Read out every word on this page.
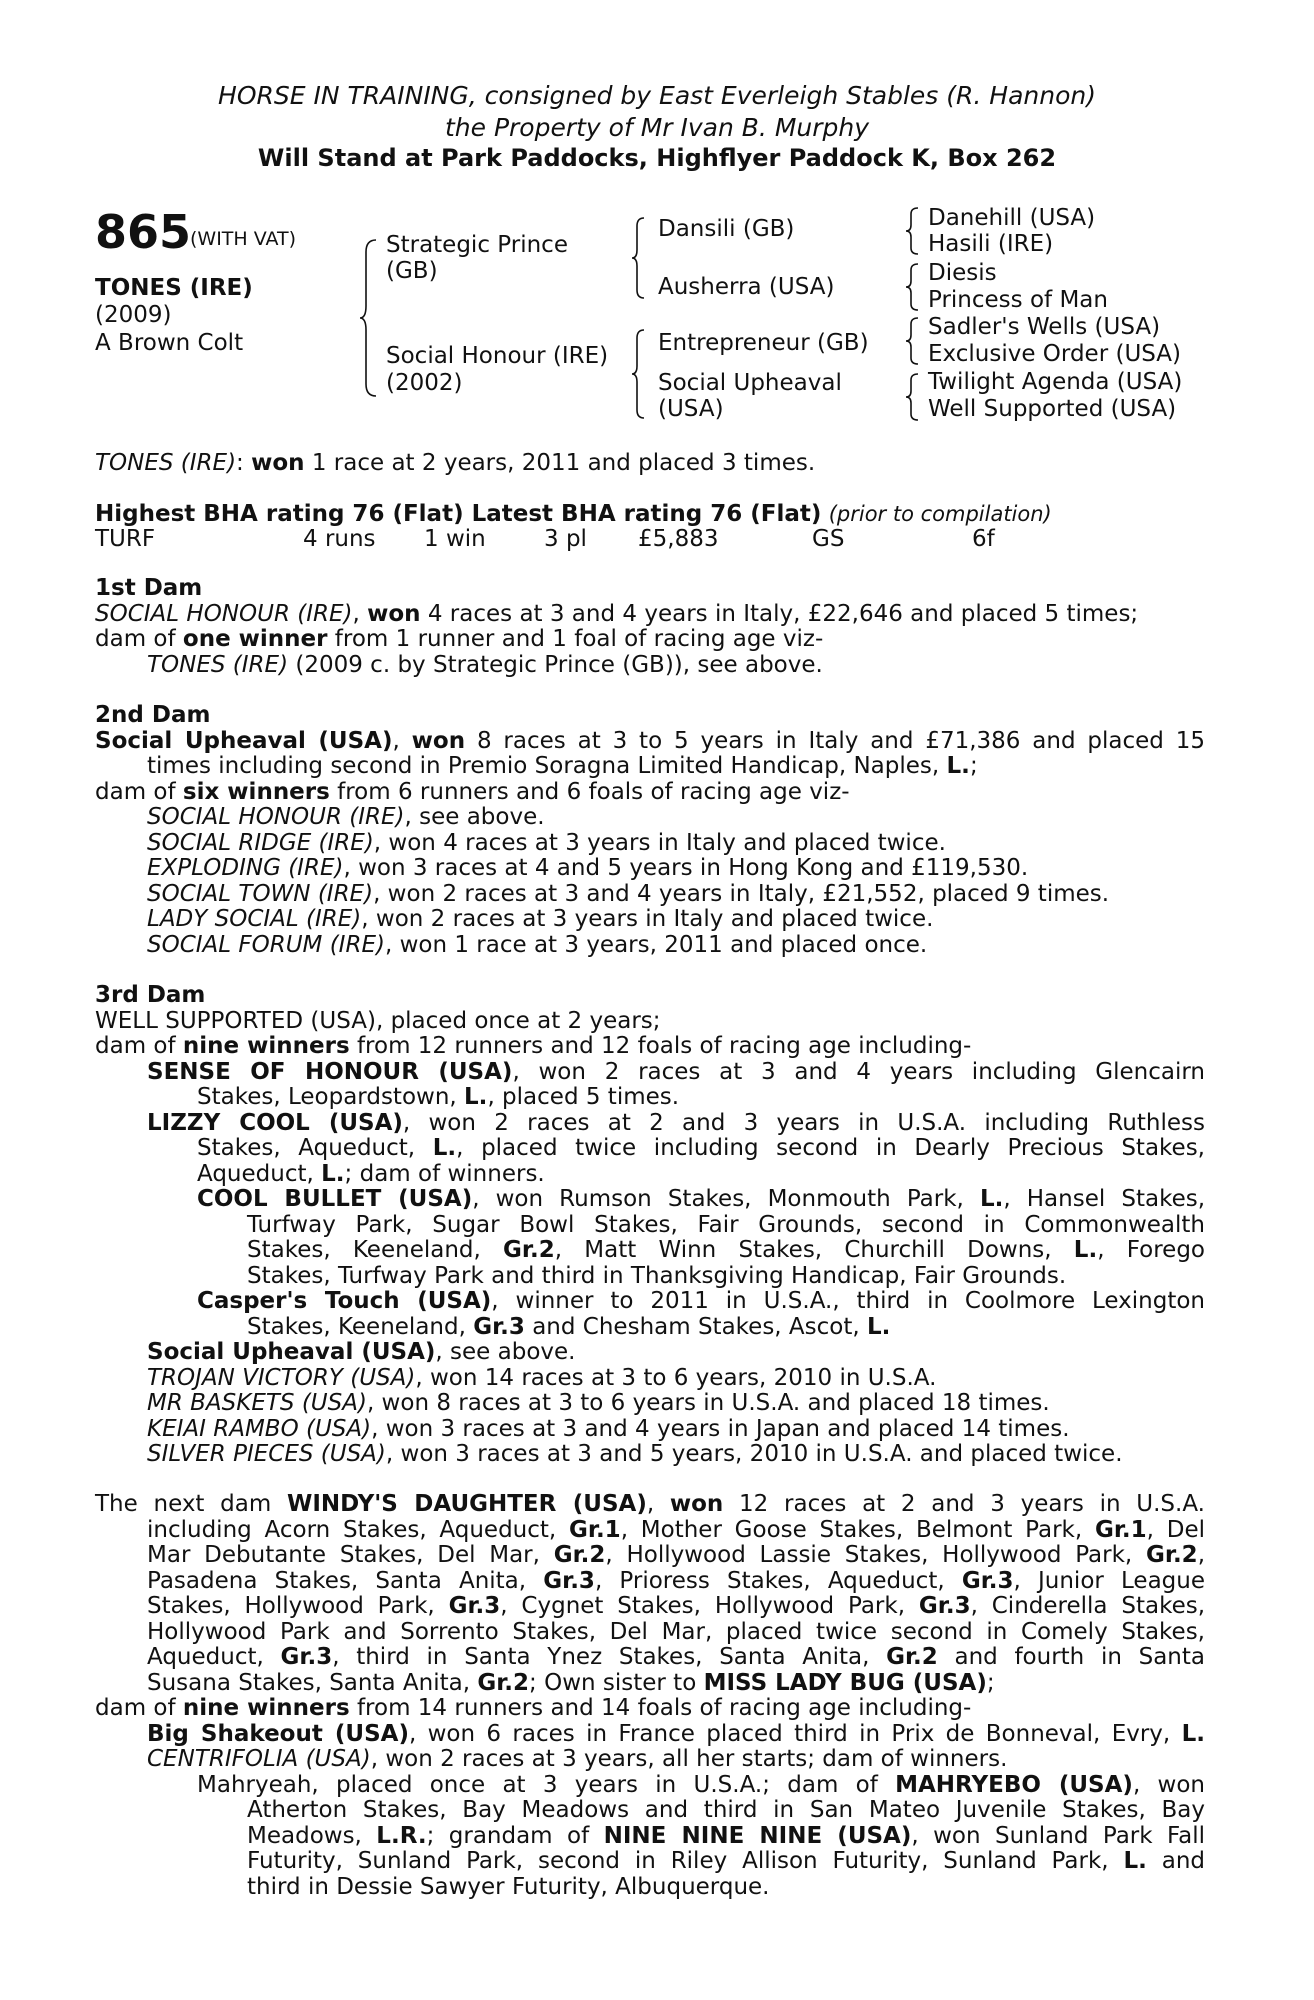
HORSE IN TRAINING, consigned by East Everleigh Stables (R. Hannon)
the Property of Mr Ivan B. Murphy
Will Stand at Park Paddocks, Highflyer Paddock K, Box 262
865
(WITH VAT)
TONES (IRE)
(2009)
A Brown Colt
Strategic Prince
(GB)
Social Honour (IRE)
(2002)
Dansili (GB)
Ausherra (USA)
Entrepreneur (GB)
Social Upheaval
(USA)
Danehill (USA)
Hasili (IRE)
Diesis
Princess of Man
Sadler's Wells (USA)
Exclusive Order (USA)
Twilight Agenda (USA)
Well Supported (USA)
TONES (IRE): won 1 race at 2 years, 2011 and placed 3 times.
Highest BHA rating 76 (Flat) Latest BHA rating 76 (Flat) (prior to compilation)
TURF	4 runs 1 win	3 pl £5,883	GS	6f

1st Dam

SOCIAL HONOUR (IRE), won 4 races at 3 and 4 years in Italy, £22,646 and placed 5 times;

dam of one winner from 1 runner and 1 foal of racing age viz-

TONES (IRE) (2009 c. by Strategic Prince (GB)), see above.

2nd Dam

Social Upheaval (USA), won 8 races at 3 to 5 years in Italy and £71,386 and placed 15

times including second in Premio Soragna Limited Handicap, Naples, L.;

dam of six winners from 6 runners and 6 foals of racing age viz-

SOCIAL HONOUR (IRE), see above.

SOCIAL RIDGE (IRE), won 4 races at 3 years in Italy and placed twice.

EXPLODING (IRE), won 3 races at 4 and 5 years in Hong Kong and £119,530.

SOCIAL TOWN (IRE), won 2 races at 3 and 4 years in Italy, £21,552, placed 9 times.

LADY SOCIAL (IRE), won 2 races at 3 years in Italy and placed twice.

SOCIAL FORUM (IRE), won 1 race at 3 years, 2011 and placed once.

3rd Dam

WELL SUPPORTED (USA), placed once at 2 years;

dam of nine winners from 12 runners and 12 foals of racing age including-

SENSE OF HONOUR (USA), won 2 races at 3 and 4 years including Glencairn

Stakes, Leopardstown, L., placed 5 times.

LIZZY COOL (USA), won 2 races at 2 and 3 years in U.S.A. including Ruthless

Stakes, Aqueduct, L., placed twice including second in Dearly Precious Stakes,

Aqueduct, L.; dam of winners.

COOL BULLET (USA), won Rumson Stakes, Monmouth Park, L., Hansel Stakes,

Turfway Park, Sugar Bowl Stakes, Fair Grounds, second in Commonwealth

Stakes, Keeneland, Gr.2, Matt Winn Stakes, Churchill Downs, L., Forego

Stakes, Turfway Park and third in Thanksgiving Handicap, Fair Grounds.

Casper's Touch (USA), winner to 2011 in U.S.A., third in Coolmore Lexington

Stakes, Keeneland, Gr.3 and Chesham Stakes, Ascot, L.

Social Upheaval (USA), see above.

TROJAN VICTORY (USA), won 14 races at 3 to 6 years, 2010 in U.S.A.

MR BASKETS (USA), won 8 races at 3 to 6 years in U.S.A. and placed 18 times.

KEIAI RAMBO (USA), won 3 races at 3 and 4 years in Japan and placed 14 times.

SILVER PIECES (USA), won 3 races at 3 and 5 years, 2010 in U.S.A. and placed twice.

The next dam WINDY'S DAUGHTER (USA), won 12 races at 2 and 3 years in U.S.A.

including Acorn Stakes, Aqueduct, Gr.1, Mother Goose Stakes, Belmont Park, Gr.1, Del

Mar Debutante Stakes, Del Mar, Gr.2, Hollywood Lassie Stakes, Hollywood Park, Gr.2,

Pasadena Stakes, Santa Anita, Gr.3, Prioress Stakes, Aqueduct, Gr.3, Junior League

Stakes, Hollywood Park, Gr.3, Cygnet Stakes, Hollywood Park, Gr.3, Cinderella Stakes,

Hollywood Park and Sorrento Stakes, Del Mar, placed twice second in Comely Stakes,

Aqueduct, Gr.3, third in Santa Ynez Stakes, Santa Anita, Gr.2 and fourth in Santa

Susana Stakes, Santa Anita, Gr.2; Own sister to MISS LADY BUG (USA);

dam of nine winners from 14 runners and 14 foals of racing age including-

Big Shakeout (USA), won 6 races in France placed third in Prix de Bonneval, Evry, L.

CENTRIFOLIA (USA), won 2 races at 3 years, all her starts; dam of winners.

Mahryeah, placed once at 3 years in U.S.A.; dam of MAHRYEBO (USA), won

Atherton Stakes, Bay Meadows and third in San Mateo Juvenile Stakes, Bay

Meadows, L.R.; grandam of NINE NINE NINE (USA), won Sunland Park Fall

Futurity, Sunland Park, second in Riley Allison Futurity, Sunland Park, L. and

third in Dessie Sawyer Futurity, Albuquerque.
